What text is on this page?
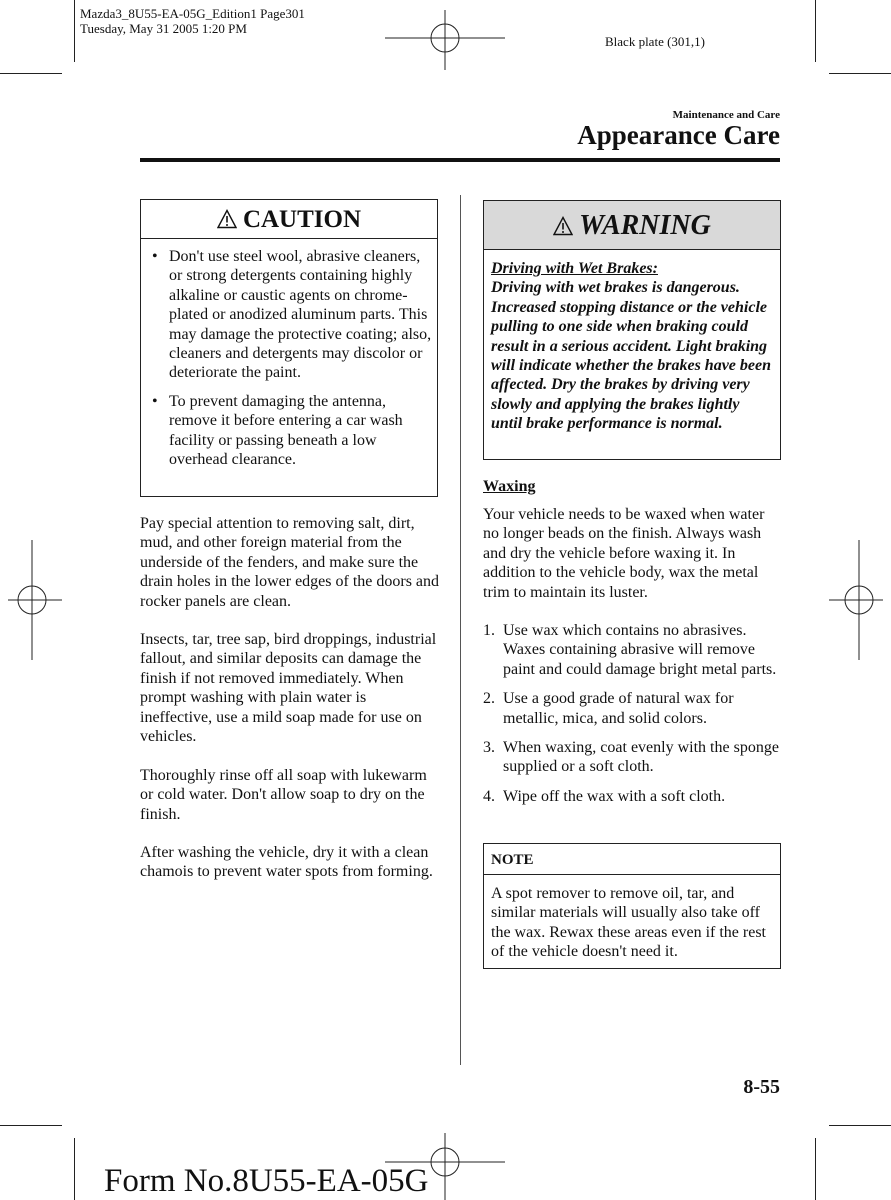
Mazda3_8U55-EA-05G_Edition1 Page301
Tuesday, May 31 2005 1:20 PM
Black plate (301,1)
Maintenance and Care
Appearance Care
CAUTION
• Don't use steel wool, abrasive cleaners, or strong detergents containing highly alkaline or caustic agents on chrome-plated or anodized aluminum parts. This may damage the protective coating; also, cleaners and detergents may discolor or deteriorate the paint.
• To prevent damaging the antenna, remove it before entering a car wash facility or passing beneath a low overhead clearance.
Pay special attention to removing salt, dirt, mud, and other foreign material from the underside of the fenders, and make sure the drain holes in the lower edges of the doors and rocker panels are clean.
Insects, tar, tree sap, bird droppings, industrial fallout, and similar deposits can damage the finish if not removed immediately. When prompt washing with plain water is ineffective, use a mild soap made for use on vehicles.
Thoroughly rinse off all soap with lukewarm or cold water. Don't allow soap to dry on the finish.
After washing the vehicle, dry it with a clean chamois to prevent water spots from forming.
WARNING
Driving with Wet Brakes:
Driving with wet brakes is dangerous. Increased stopping distance or the vehicle pulling to one side when braking could result in a serious accident. Light braking will indicate whether the brakes have been affected. Dry the brakes by driving very slowly and applying the brakes lightly until brake performance is normal.
Waxing
Your vehicle needs to be waxed when water no longer beads on the finish. Always wash and dry the vehicle before waxing it. In addition to the vehicle body, wax the metal trim to maintain its luster.
1. Use wax which contains no abrasives. Waxes containing abrasive will remove paint and could damage bright metal parts.
2. Use a good grade of natural wax for metallic, mica, and solid colors.
3. When waxing, coat evenly with the sponge supplied or a soft cloth.
4. Wipe off the wax with a soft cloth.
NOTE
A spot remover to remove oil, tar, and similar materials will usually also take off the wax. Rewax these areas even if the rest of the vehicle doesn't need it.
8-55
Form No.8U55-EA-05G
